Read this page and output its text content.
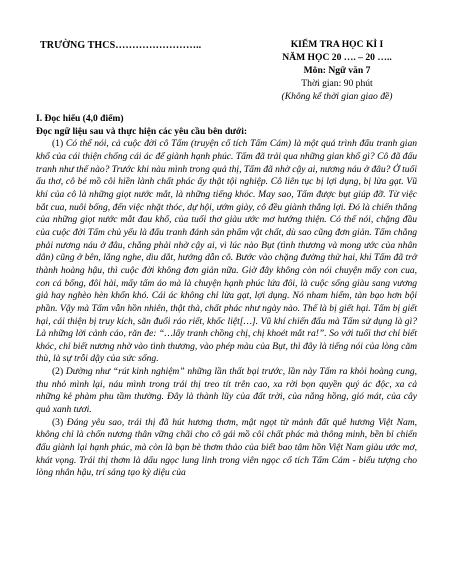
TRƯỜNG THCS……………………..	KIỂM TRA HỌC KÌ I
NĂM HỌC 20 …. – 20 …..
Môn: Ngữ văn 7
Thời gian: 90 phút
(Không kể thời gian giao đề)

I. Đọc hiểu (4,0 điểm)

Đọc ngữ liệu sau và thực hiện các yêu cầu bên dưới:

(1) Có thể nói, cả cuộc đời cô Tấm (truyện cổ tích Tấm Cám) là một quá trình đấu tranh gian khổ của cái thiện chống cái ác để giành hạnh phúc. Tấm đã trải qua những gian khổ gì? Cô đã đấu tranh như thế nào? Trước khi nàu mình trong quả thị, Tấm đã nhờ cậy ai, nương náu ở đâu? Ở tuổi ấu thơ, cô bé mồ côi hiền lành chất phác ấy thật tội nghiệp. Cô liên tục bị lợi dụng, bị lừa gạt. Vũ khí của cô là những giọt nước mắt, là những tiếng khóc. May sao, Tấm được bụt giúp đỡ. Từ việc bắt cua, nuôi bống, đến việc nhặt thóc, dự hội, ướm giày, cô đều giành thắng lợi. Đó là chiến thắng của những giọt nước mắt đau khổ, của tuổi thơ giàu ước mơ hướng thiện. Có thể nói, chặng đầu của cuộc đời Tấm chủ yếu là đấu tranh đánh sản phẩm vật chất, dù sao cũng đơn giản. Tấm chẳng phải nương náu ở đâu, chẳng phải nhờ cậy ai, vì lúc nào Bụt (tình thương và mong ước của nhân dân) cũng ở bên, lắng nghe, dìu dắt, hướng dẫn cô. Bước vào chặng đường thử hai, khi Tấm đã trở thành hoàng hậu, thì cuộc đời không đơn giản nữa. Giờ đây không còn nói chuyện mấy con cua, con cá bống, đôi hài, mấy tấm áo mà là chuyện hạnh phúc lứa đôi, là cuộc sống giàu sang vương giả hay nghèo hèn khốn khó. Cái ác không chỉ lừa gạt, lợi dụng. Nó nham hiểm, tàn bạo hơn bội phần. Vậy mà Tấm vẫn hồn nhiên, thật thà, chất phác như ngày nào. Thế là bị giết hại. Tấm bị giết hại, cái thiện bị truy kích, săn đuổi ráo riết, khốc liệt[…]. Vũ khí chiến đấu mà Tấm sử dụng là gì? Là những lời cảnh cáo, răn đe: “…lấy tranh chồng chị, chị khoét mắt ra!”. So với tuổi thơ chỉ biết khóc, chỉ biết nương nhờ vào tình thương, vào phép màu của Bụt, thì đây là tiếng nói của lòng căm thù, là sự trỗi dậy của sức sống.

(2) Dường như “rút kinh nghiệm” những lần thất bại trước, lần này Tấm ra khỏi hoàng cung, thu nhỏ mình lại, náu mình trong trái thị treo tít trên cao, xa rời bọn quyền quý ác độc, xa cả những kẻ phàm phu tầm thường. Đây là thành lũy của đất trời, của nắng hồng, gió mát, của cây quả xanh tươi.

(3) Đáng yêu sao, trái thị đã hút hương thơm, mật ngọt từ mảnh đất quê hương Việt Nam, không chỉ là chốn nương thân vững chãi cho cô gái mồ côi chất phác mà thông minh, bền bỉ chiến đấu giành lại hạnh phúc, mà còn là bạn bè thơm thảo của biết bao tâm hồn Việt Nam giàu ước mơ, khát vọng. Trái thị thơm là dấu ngọc lung linh trong viên ngọc cổ tích Tấm Cám - biểu tượng cho lòng nhân hậu, trí sáng tạo kỳ diệu của
